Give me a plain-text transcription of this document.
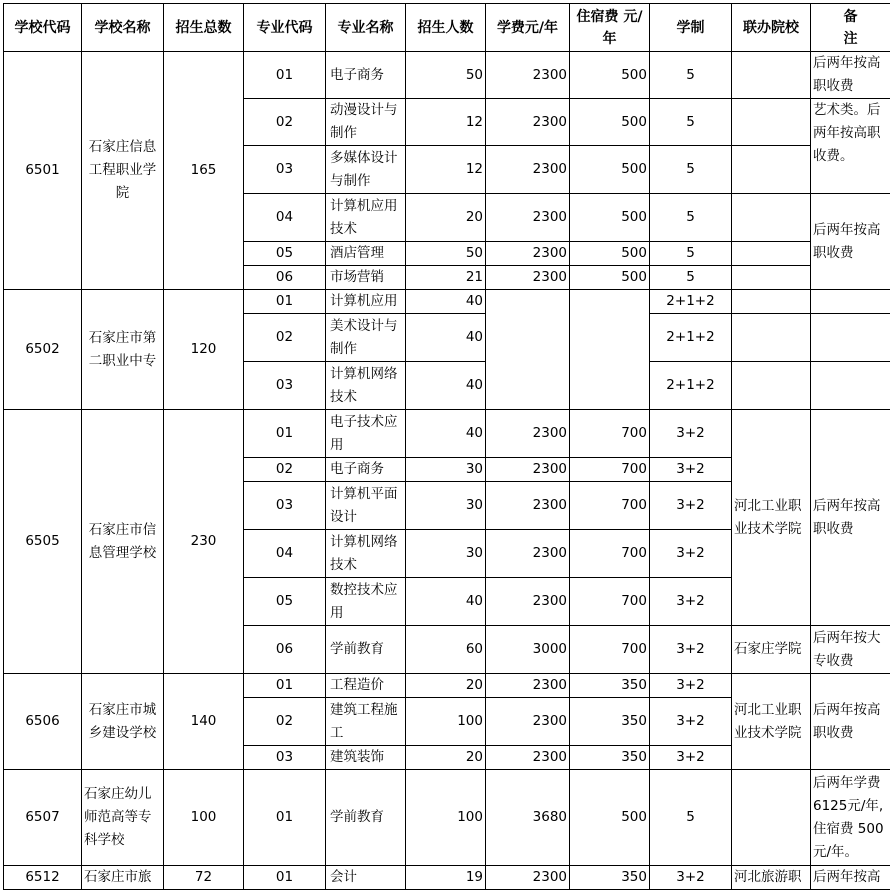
学校代码	学校名称	招生总数	专业代码	专业名称	招生人数	学费元/年	住宿费 元/年	学制	联办院校	备注
6501	石家庄信息工程职业学院	165	01	电子商务	50	2300	500	5		后两年按高职收费
			02	动漫设计与制作	12	2300	500	5		艺术类。后两年按高职收费。
			03	多媒体设计与制作	12	2300	500	5		
			04	计算机应用技术	20	2300	500	5		后两年按高职收费
			05	酒店管理	50	2300	500	5		
			06	市场营销	21	2300	500	5		
6502	石家庄市第二职业中专	120	01	计算机应用	40			2+1+2		
			02	美术设计与制作	40			2+1+2		
			03	计算机网络技术	40			2+1+2		
6505	石家庄市信息管理学校	230	01	电子技术应用	40	2300	700	3+2	河北工业职业技术学院	后两年按高职收费
			02	电子商务	30	2300	700	3+2		
			03	计算机平面设计	30	2300	700	3+2		
			04	计算机网络技术	30	2300	700	3+2		
			05	数控技术应用	40	2300	700	3+2		
			06	学前教育	60	3000	700	3+2	石家庄学院	后两年按大专收费
6506	石家庄市城乡建设学校	140	01	工程造价	20	2300	350	3+2	河北工业职业技术学院	后两年按高职收费
			02	建筑工程施工	100	2300	350	3+2		
			03	建筑装饰	20	2300	350	3+2		
6507	石家庄幼儿师范高等专科学校	100	01	学前教育	100	3680	500	5		后两年学费6125元/年,住宿费 500元/年。
6512	石家庄市旅	72	01	会计	19	2300	350	3+2	河北旅游职	后两年按高
